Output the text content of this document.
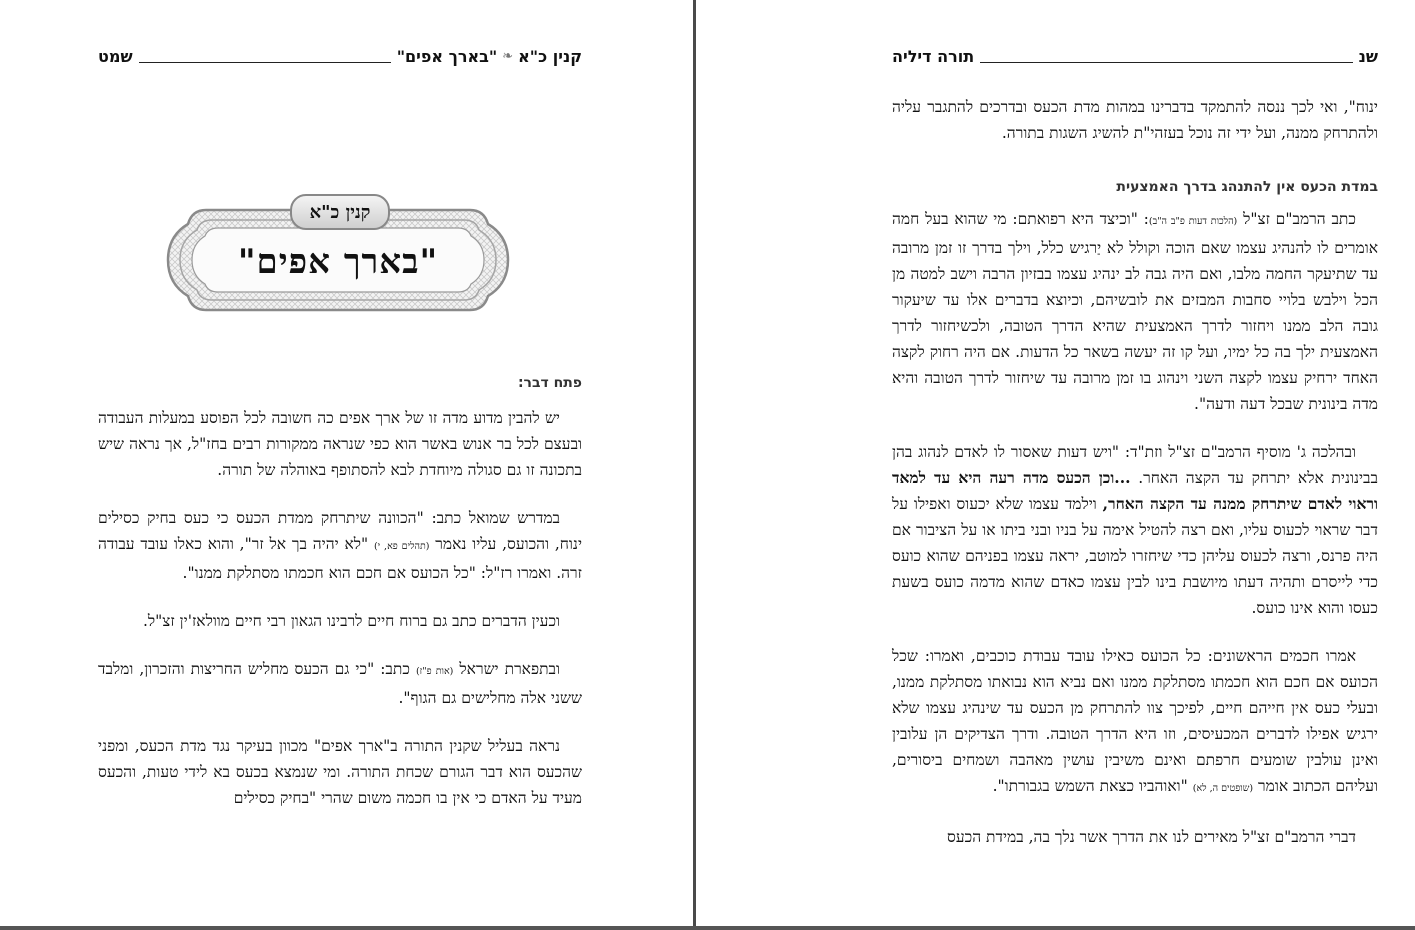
קנין כ"א
❧
"בארך אפים"
שמט
קנין כ"א
"בארך אפים"
פתח דבר:

יש להבין מדוע מדה זו של ארך אפים כה חשובה לכל הפוסע במעלות העבודה ובעצם לכל בר אנוש באשר הוא כפי שנראה ממקורות רבים בחז"ל, אך נראה שיש בתכונה זו גם סגולה מיוחדת לבא להסתופף באוהלה של תורה.

במדרש שמואל כתב: "הכוונה שיתרחק ממדת הכעס כי כעס בחיק כסילים ינוח, והכועס, עליו נאמר (תהלים פא, י) "לא יהיה בך אל זר", והוא כאלו עובד עבודה זרה. ואמרו רז"ל: "כל הכועס אם חכם הוא חכמתו מסתלקת ממנו".

וכעין הדברים כתב גם ברוח חיים לרבינו הגאון רבי חיים מוולאז'ין זצ"ל.

ובתפארת ישראל (אות פ"ז) כתב: "כי גם הכעס מחליש החריצות והזכרון, ומלבד ששני אלה מחלישים גם הגוף".

נראה בעליל שקנין התורה ב"ארך אפים" מכוון בעיקר נגד מדת הכעס, ומפני שהכעס הוא דבר הגורם שכחת התורה. ומי שנמצא בכעס בא לידי טעות, והכעס מעיד על האדם כי אין בו חכמה משום שהרי "בחיק כסילים

שנ
תורה דיליה

ינוח", ואי לכך ננסה להתמקד בדברינו במהות מדת הכעס ובדרכים להתגבר עליה ולהתרחק ממנה, ועל ידי זה נוכל בעזהי"ת להשיג השגות בתורה.

במדת הכעס אין להתנהג בדרך האמצעית

כתב הרמב"ם זצ"ל (הלכות דעות פ"ב ה"ב): "וכיצד היא רפואתם: מי שהוא בעל חמה אומרים לו להנהיג עצמו שאם הוכה וקולל לא יַרגיש כלל, וילך בדרך זו זמן מרובה עד שתיעקר החמה מלבו, ואם היה גבה לב ינהיג עצמו בבזיון הרבה וישב למטה מן הכל וילבש בלויי סחבות המבזים את לובשיהם, וכיוצא בדברים אלו עד שיעקור גובה הלב ממנו ויחזור לדרך האמצעית שהיא הדרך הטובה, ולכשיחזור לדרך האמצעית ילך בה כל ימיו, ועל קו זה יעשה בשאר כל הדעות. אם היה רחוק לקצה האחד ירחיק עצמו לקצה השני וינהוג בו זמן מרובה עד שיחזור לדרך הטובה והיא מדה בינונית שבכל דעה ודעה".

ובהלכה ג' מוסיף הרמב"ם זצ"ל וזת"ד: "ויש דעות שאסור לו לאדם לנהוג בהן בבינונית אלא יתרחק עד הקצה האחר. ...וכן הכעס מדה רעה היא עד למאד וראוי לאדם שיתרחק ממנה עד הקצה האחר, וילמד עצמו שלא יכעוס ואפילו על דבר שראוי לכעוס עליו, ואם רצה להטיל אימה על בניו ובני ביתו או על הציבור אם היה פרנס, ורצה לכעוס עליהן כדי שיחזרו למוטב, יראה עצמו בפניהם שהוא כועס כדי לייסרם ותהיה דעתו מיושבת בינו לבין עצמו כאדם שהוא מדמה כועס בשעת כעסו והוא אינו כועס.

אמרו חכמים הראשונים: כל הכועס כאילו עובד עבודת כוכבים, ואמרו: שכל הכועס אם חכם הוא חכמתו מסתלקת ממנו ואם נביא הוא נבואתו מסתלקת ממנו, ובעלי כעס אין חייהם חיים, לפיכך צוו להתרחק מן הכעס עד שינהיג עצמו שלא ירגיש אפילו לדברים המכעיסים, וזו היא הדרך הטובה. ודרך הצדיקים הן עלובין ואינן עולבין שומעים חרפתם ואינם משיבין עושין מאהבה ושמחים ביסורים, ועליהם הכתוב אומר (שופטים ה, לא) "ואוהביו כצאת השמש בגבורתו".

דברי הרמב"ם זצ"ל מאירים לנו את הדרך אשר נלך בה, במידת הכעס
